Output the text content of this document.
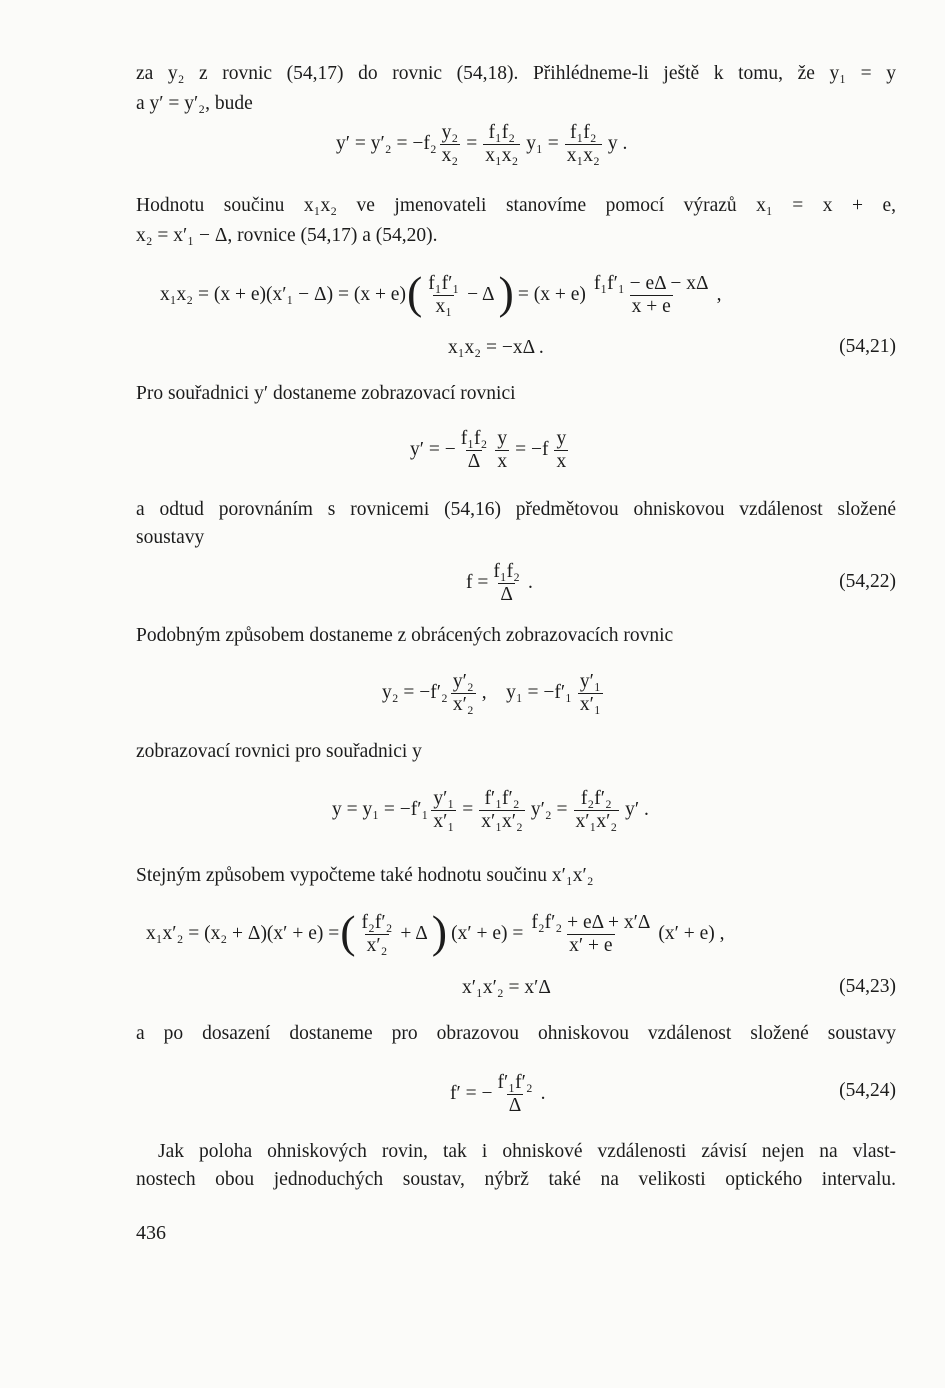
za y₂ z rovnic (54,17) do rovnic (54,18). Přihlédneme-li ještě k tomu, že y₁ = y

a y′ = y′₂, bude

$y' = y'_2 = -f_2 \frac{\text{y₂}}{\text{x₂}} = \frac{\text{f₁f₂}}{\text{x₁x₂}} y_1 = \frac{\text{f₁f₂}}{\text{x₁x₂}}$ y .

Hodnotu součinu x₁x₂ ve jmenovateli stanovíme pomocí výrazů x₁ = x + e,

x₂ = x′₁ − Δ, rovnice (54,17) a (54,20).

x₁x₂ = (x + e)(x′₁ − Δ) = (x + e) ( $\frac{\text{f₁f′₁}}{\text{x₁}} - \Delta$ ) = $(x + e) \frac{\text{f₁f′₁ − eΔ − xΔ}}{x + e}$ ,
x₁x₂ = −xΔ .	(54,21)

Pro souřadnici y′ dostaneme zobrazovací rovnici

y′ = − $\frac{\text{f₁f₂}}{\Delta} \frac{y}{x} = -f \frac{y}{x}$

a odtud porovnáním s rovnicemi (54,16) předmětovou ohniskovou vzdálenost složené

soustavy

$f = \frac{\text{f₁f₂}}{\Delta}$ .	(54,22)

Podobným způsobem dostaneme z obrácených zobrazovacích rovnic

$y_2 = -f'_2 \frac{\text{y′₂}}{\text{x′₂}}$ ,    $y_1 = -f'_1 \frac{\text{y′₁}}{\text{x′₁}}$

zobrazovací rovnici pro souřadnici y

$y = y_1 = -f'_1 \frac{\text{y′₁}}{\text{x′₁}} = \frac{\text{f′₁f′₂}}{\text{x′₁x′₂}} y'_2 = \frac{\text{f₂f′₂}}{\text{x′₁x′₂}} y'$ .

Stejným způsobem vypočteme také hodnotu součinu x′₁x′₂

x₁x′₂ = (x₂ + Δ)(x′ + e) = ( $\frac{\text{f₂f′₂}}{\text{x′₂}} + \Delta$ ) $(x' + e) = \frac{\text{f₂f′₂ + eΔ + x′Δ}}{x' + e} (x' + e)$ ,
x′₁x′₂ = x′Δ	(54,23)

a po dosazení dostaneme pro obrazovou ohniskovou vzdálenost složené soustavy

f′ = − $\frac{\text{f′₁f′₂}}{\Delta}$ .	(54,24)

Jak poloha ohniskových rovin, tak i ohniskové vzdálenosti závisí nejen na vlast-

nostech obou jednoduchých soustav, nýbrž také na velikosti optického intervalu.

436
